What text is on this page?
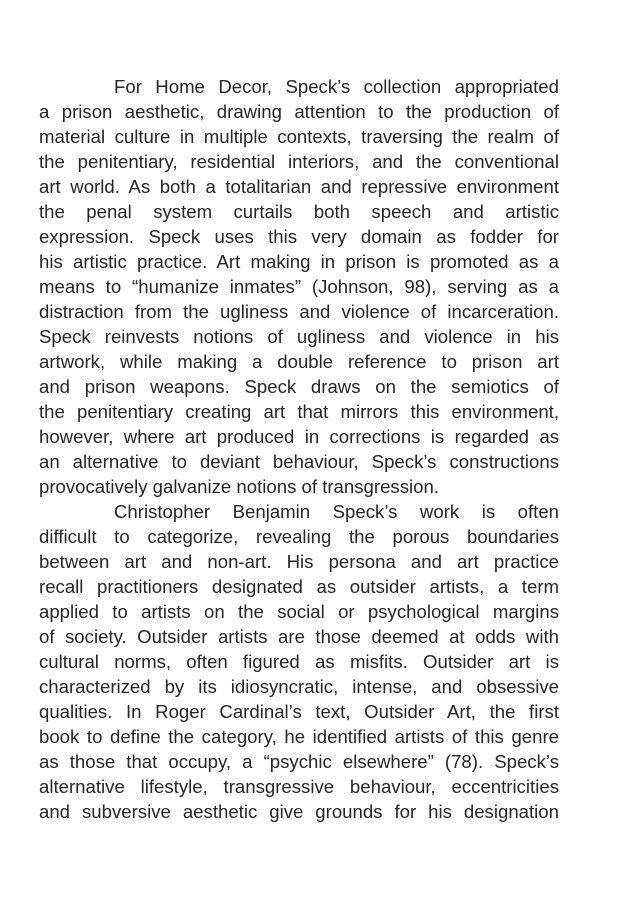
For Home Decor, Speck’s collection appropriated
a prison aesthetic, drawing attention to the production of
material culture in multiple contexts, traversing the realm of
the penitentiary, residential interiors, and the conventional
art world. As both a totalitarian and repressive environment
the penal system curtails both speech and artistic
expression. Speck uses this very domain as fodder for
his artistic practice. Art making in prison is promoted as a
means to “humanize inmates” (Johnson, 98), serving as a
distraction from the ugliness and violence of incarceration.
Speck reinvests notions of ugliness and violence in his
artwork, while making a double reference to prison art
and prison weapons. Speck draws on the semiotics of
the penitentiary creating art that mirrors this environment,
however, where art produced in corrections is regarded as
an alternative to deviant behaviour, Speck’s constructions
provocatively galvanize notions of transgression.
Christopher Benjamin Speck’s work is often
difficult to categorize, revealing the porous boundaries
between art and non-art. His persona and art practice
recall practitioners designated as outsider artists, a term
applied to artists on the social or psychological margins
of society. Outsider artists are those deemed at odds with
cultural norms, often figured as misfits. Outsider art is
characterized by its idiosyncratic, intense, and obsessive
qualities. In Roger Cardinal’s text, Outsider Art, the first
book to define the category, he identified artists of this genre
as those that occupy, a “psychic elsewhere” (78). Speck’s
alternative lifestyle, transgressive behaviour, eccentricities
and subversive aesthetic give grounds for his designation
